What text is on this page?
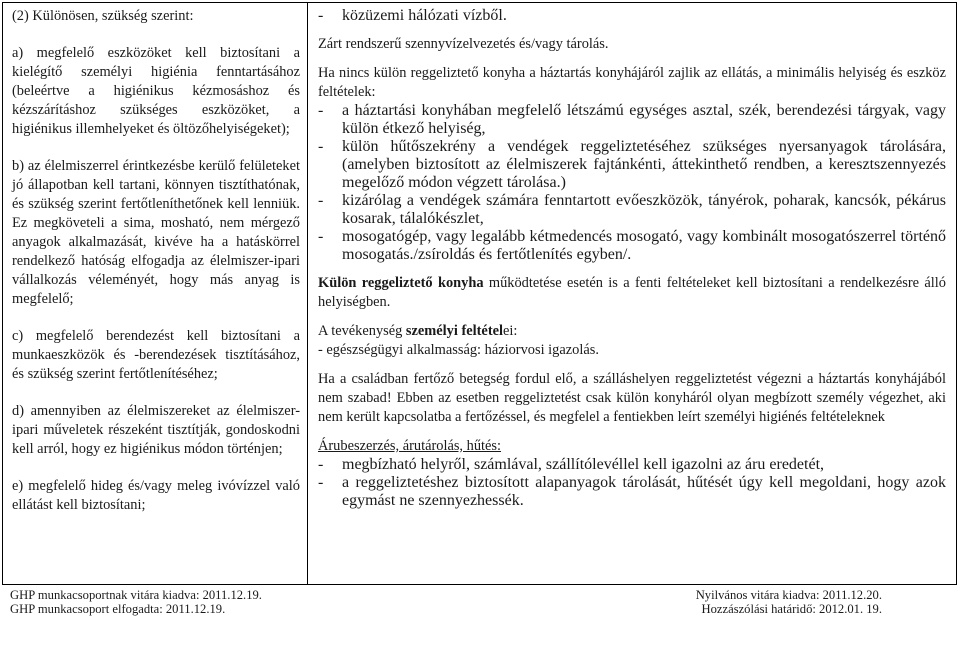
(2) Különösen, szükség szerint:

a) megfelelő eszközöket kell biztosítani a kielégítő személyi higiénia fenntartásához (beleértve a higiénikus kézmosáshoz és kézszárításhoz szükséges eszközöket, a higiénikus illemhelyeket és öltözőhelyiségeket);

b) az élelmiszerrel érintkezésbe kerülő felületeket jó állapotban kell tartani, könnyen tisztíthatónak, és szükség szerint fertőtleníthetőnek kell lenniük. Ez megköveteli a sima, mosható, nem mérgező anyagok alkalmazását, kivéve ha a hatáskörrel rendelkező hatóság elfogadja az élelmiszer-ipari vállalkozás véleményét, hogy más anyag is megfelelő;

c) megfelelő berendezést kell biztosítani a munkaeszközök és -berendezések tisztításához, és szükség szerint fertőtlenítéséhez;

d) amennyiben az élelmiszereket az élelmiszer-ipari műveletek részeként tisztítják, gondoskodni kell arról, hogy ez higiénikus módon történjen;

e) megfelelő hideg és/vagy meleg ivóvízzel való ellátást kell biztosítani;

-	közüzemi hálózati vízből.

Zárt rendszerű szennyvízelvezetés és/vagy tárolás.

Ha nincs külön reggeliztető konyha a háztartás konyhájáról zajlik az ellátás, a minimális helyiség és eszköz feltételek:

-	a háztartási konyhában megfelelő létszámú egységes asztal, szék, berendezési tárgyak, vagy külön étkező helyiség,
-	külön hűtőszekrény a vendégek reggeliztetéséhez szükséges nyersanyagok tárolására, (amelyben biztosított az élelmiszerek fajtánkénti, áttekinthető rendben, a keresztszennyezés megelőző módon végzett tárolása.)
-	kizárólag a vendégek számára fenntartott evőeszközök, tányérok, poharak, kancsók, pékárus kosarak, tálalókészlet,
-	mosogatógép, vagy legalább kétmedencés mosogató, vagy kombinált mosogatószerrel történő mosogatás./zsíroldás és fertőtlenítés egyben/.

Külön reggeliztető konyha működtetése esetén is a fenti feltételeket kell biztosítani a rendelkezésre álló helyiségben.

A tevékenység személyi feltételei:

- egészségügyi alkalmasság: háziorvosi igazolás.

Ha a családban fertőző betegség fordul elő, a szálláshelyen reggeliztetést végezni a háztartás konyhájából nem szabad! Ebben az esetben reggeliztetést csak külön konyháról olyan megbízott személy végezhet, aki nem került kapcsolatba a fertőzéssel, és megfelel a fentiekben leírt személyi higiénés feltételeknek

Árubeszerzés, árutárolás, hűtés:

-	megbízható helyről, számlával, szállítólevéllel kell igazolni az áru eredetét,
-	a reggeliztetéshez biztosított alapanyagok tárolását, hűtését úgy kell megoldani, hogy azok egymást ne szennyezhessék.
GHP munkacsoportnak vitára kiadva: 2011.12.19.	Nyilvános vitára kiadva: 2011.12.20.
GHP munkacsoport elfogadta: 2011.12.19.	Hozzászólási határidő: 2012.01. 19.
